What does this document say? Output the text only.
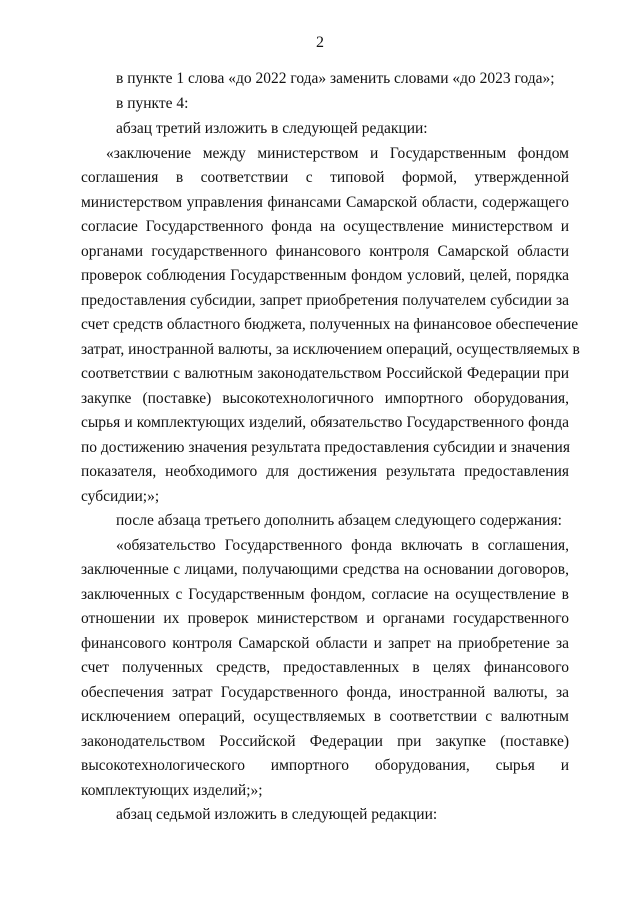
2
в пункте 1 слова «до 2022 года» заменить словами «до 2023 года»;
в пункте 4:
абзац третий изложить в следующей редакции:
«заключение между министерством и Государственным фондом
соглашения в соответствии с типовой формой, утвержденной
министерством управления финансами Самарской области, содержащего
согласие Государственного фонда на осуществление министерством и
органами государственного финансового контроля Самарской области
проверок соблюдения Государственным фондом условий, целей, порядка
предоставления субсидии, запрет приобретения получателем субсидии за
счет средств областного бюджета, полученных на финансовое обеспечение
затрат, иностранной валюты, за исключением операций, осуществляемых в
соответствии с валютным законодательством Российской Федерации при
закупке (поставке) высокотехнологичного импортного оборудования,
сырья и комплектующих изделий, обязательство Государственного фонда
по достижению значения результата предоставления субсидии и значения
показателя, необходимого для достижения результата предоставления
субсидии;»;
после абзаца третьего дополнить абзацем следующего содержания:
«обязательство Государственного фонда включать в соглашения,
заключенные с лицами, получающими средства на основании договоров,
заключенных с Государственным фондом, согласие на осуществление в
отношении их проверок министерством и органами государственного
финансового контроля Самарской области и запрет на приобретение за
счет полученных средств, предоставленных в целях финансового
обеспечения затрат Государственного фонда, иностранной валюты, за
исключением операций, осуществляемых в соответствии с валютным
законодательством Российской Федерации при закупке (поставке)
высокотехнологического импортного оборудования, сырья и
комплектующих изделий;»;
абзац седьмой изложить в следующей редакции:
